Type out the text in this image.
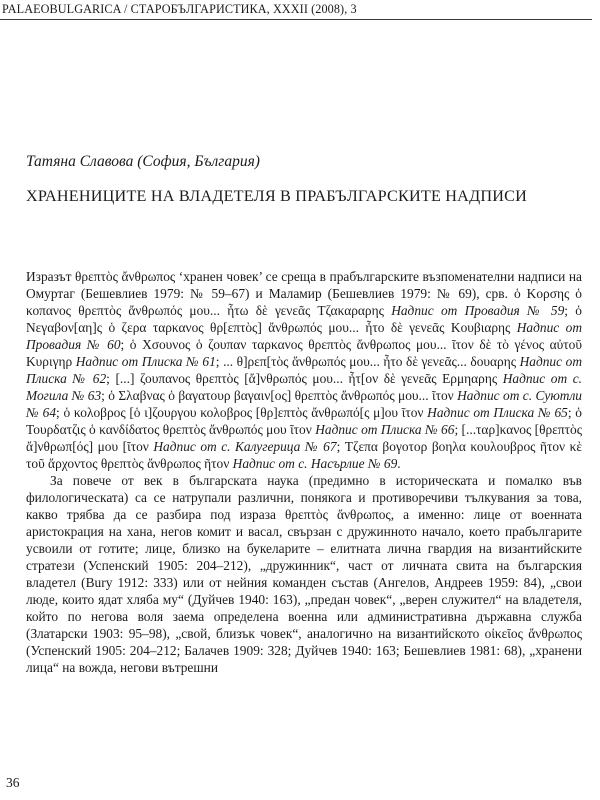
PALAEOBULGARICA / СТАРОБЪЛГАРИСТИКА, XXXII (2008), 3
Татяна Славова (София, България)
ХРАНЕНИЦИТЕ НА ВЛАДЕТЕЛЯ В ПРАБЪЛГАРСКИТЕ НАДПИСИ

Изразът θρεπτὸς ἄνθρωπος ‘хранен човек’ се среща в прабългарските възпоменателни надписи на Омуртаг (Бешевлиев 1979: № 59–67) и Маламир (Бешевлиев 1979: № 69), срв. ὁ Κορσης ὁ κοπανος θρεπτὸς ἄνθρωπός μου... ἦτω δὲ γενεᾶς Τζακαραρης Надпис от Провадия № 59; ὁ Νεγαβον[αη]ς ὁ ζερα ταρκανος θρ[επτὸς] ἄνθρωπός μου... ἦτο δὲ γενεᾶς Κουβιαρης Надпис от Провадия № 60; ὁ Χσουνος ὁ ζουπαν ταρκανος θρεπτὸς ἄνθρωπος μου... ῖτον δὲ τὸ γένος αὐτοῦ Κυριγηρ Надпис от Плиска № 61; ... θ]ρεπ[τὸς ἄνθρωπός μου... ἦτο δὲ γενεᾶς... δουαρης Надпис от Плиска № 62; [...] ζουπανος θρεπτὸς [ἄ]νθρωπός μου... ἦτ[ον δὲ γενεᾶς Ερμηαρης Надпис от с. Могила № 63; ὁ Σλαβνας ὁ βαγατουρ βαγαιν[ος] θρεπτὸς ἄνθρωπός μου... ῖτον Надпис от с. Суютли № 64; ὁ κολοβρος [ὁ ι]ζουργου κολοβρος [θρ]επτὸς ἄνθρωπό[ς μ]ου ῖτον Надпис от Плиска № 65; ὁ Τουρδατζις ὁ κανδίδατος θρεπτὸς ἄνθρωπός μου ῖτον Надпис от Плиска № 66; [...ταρ]κανος [θρεπτὸς ἄ]νθρωπ[ός] μου [ῖτον Надпис от с. Калугерица № 67; Τζεπα βογοτορ βοηλα κουλουβρος ῆτον κὲ τοῦ ἄρχοντος θρεπτὸς ἄνθρωπος ῆτον Надпис от с. Насърлие № 69.

За повече от век в българската наука (предимно в историческата и помалко във филологическата) са се натрупали различни, понякога и противоречиви тълкувания за това, какво трябва да се разбира под израза θρεπτὸς ἄνθρωπος, а именно: лице от военната аристокрация на хана, негов комит и васал, свързан с дружинното начало, което прабългарите усвоили от готите; лице, близко на букеларите – елитната лична гвардия на византийските стратези (Успенский 1905: 204–212), „дружинник“, част от личната свита на българския владетел (Bury 1912: 333) или от нейния команден състав (Ангелов, Андреев 1959: 84), „свои люде, които ядат хляба му“ (Дуйчев 1940: 163), „предан човек“, „верен служител“ на владетеля, който по негова воля заема определена военна или административна държавна служба (Златарски 1903: 95–98), „свой, близък човек“, аналогично на византийското οἰκεῖος ἄνθρωπος (Успенский 1905: 204–212; Балачев 1909: 328; Дуйчев 1940: 163; Бешевлиев 1981: 68), „хранени лица“ на вожда, негови вътрешни

36
